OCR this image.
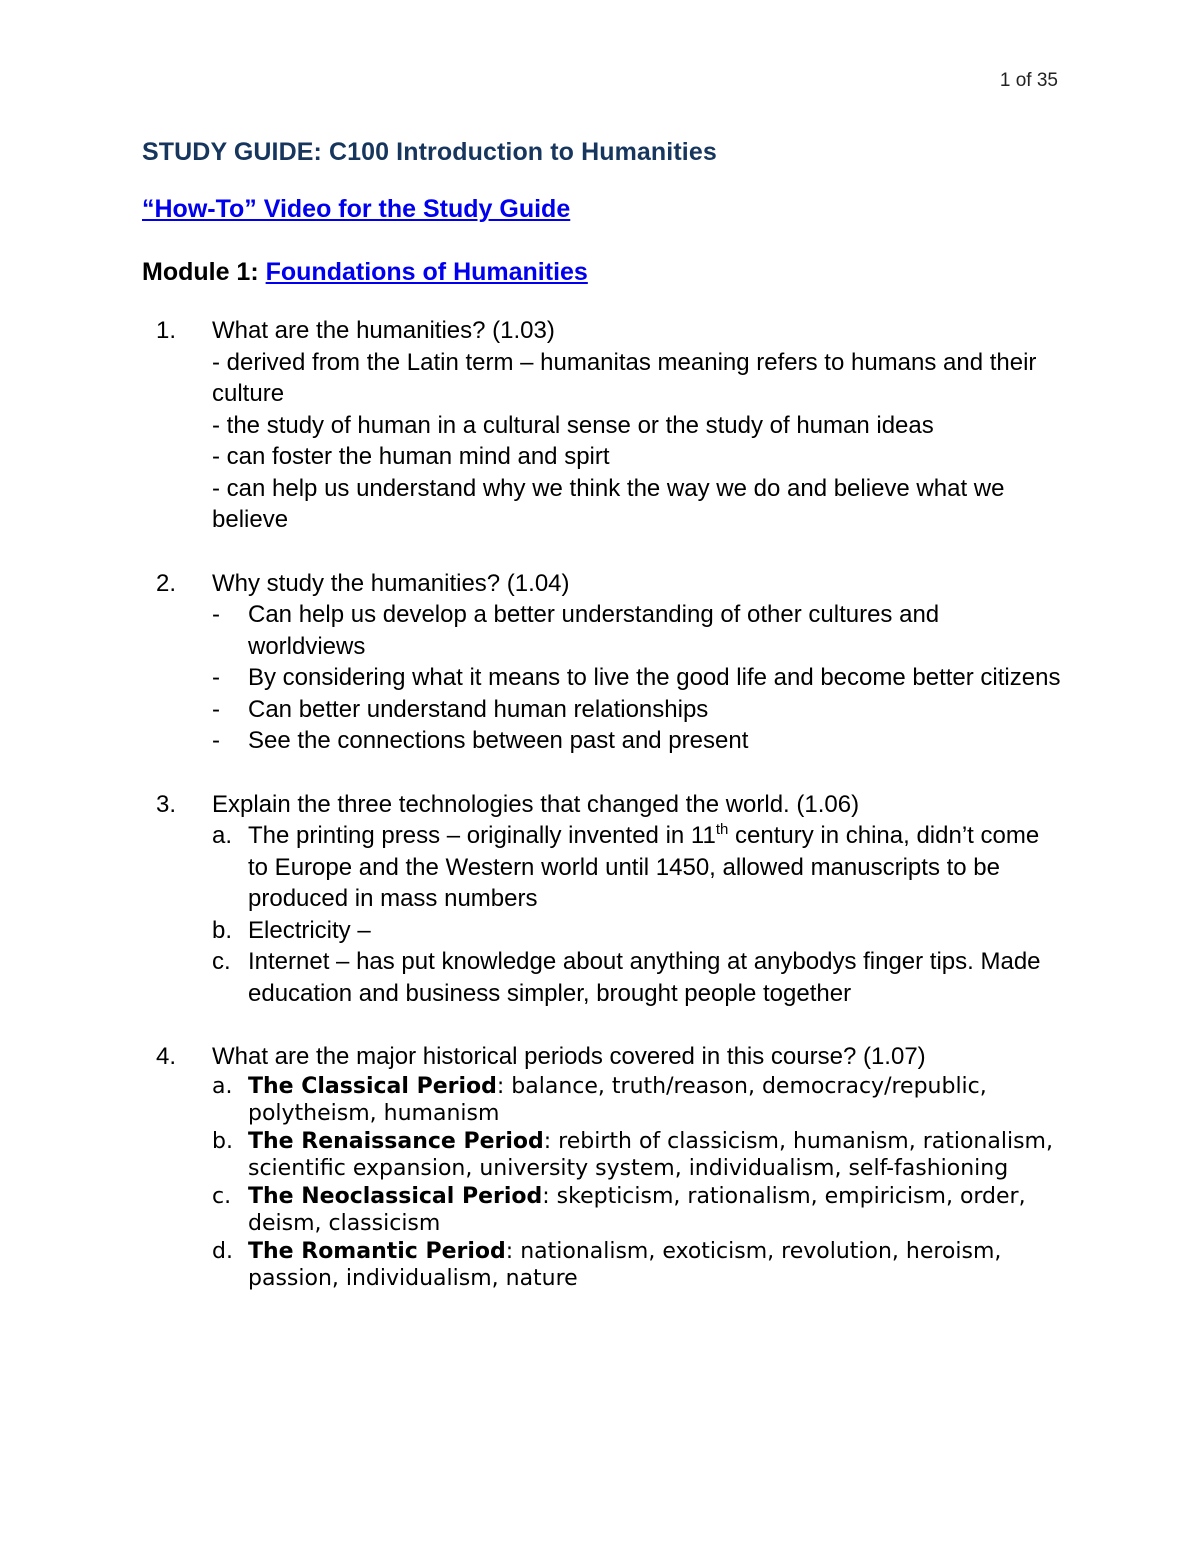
1 of 35
STUDY GUIDE: C100 Introduction to Humanities
“How-To” Video for the Study Guide
Module 1: Foundations of Humanities
1. What are the humanities? (1.03)
- derived from the Latin term – humanitas meaning refers to humans and their culture
- the study of human in a cultural sense or the study of human ideas
- can foster the human mind and spirt
- can help us understand why we think the way we do and believe what we believe
2. Why study the humanities? (1.04)
- Can help us develop a better understanding of other cultures and worldviews
- By considering what it means to live the good life and become better citizens
- Can better understand human relationships
- See the connections between past and present
3. Explain the three technologies that changed the world. (1.06)
a. The printing press – originally invented in 11th century in china, didn’t come to Europe and the Western world until 1450, allowed manuscripts to be produced in mass numbers
b. Electricity –
c. Internet – has put knowledge about anything at anybodys finger tips. Made education and business simpler, brought people together
4. What are the major historical periods covered in this course? (1.07)
a. The Classical Period: balance, truth/reason, democracy/republic, polytheism, humanism
b. The Renaissance Period: rebirth of classicism, humanism, rationalism, scientific expansion, university system, individualism, self-fashioning
c. The Neoclassical Period: skepticism, rationalism, empiricism, order, deism, classicism
d. The Romantic Period: nationalism, exoticism, revolution, heroism, passion, individualism, nature
